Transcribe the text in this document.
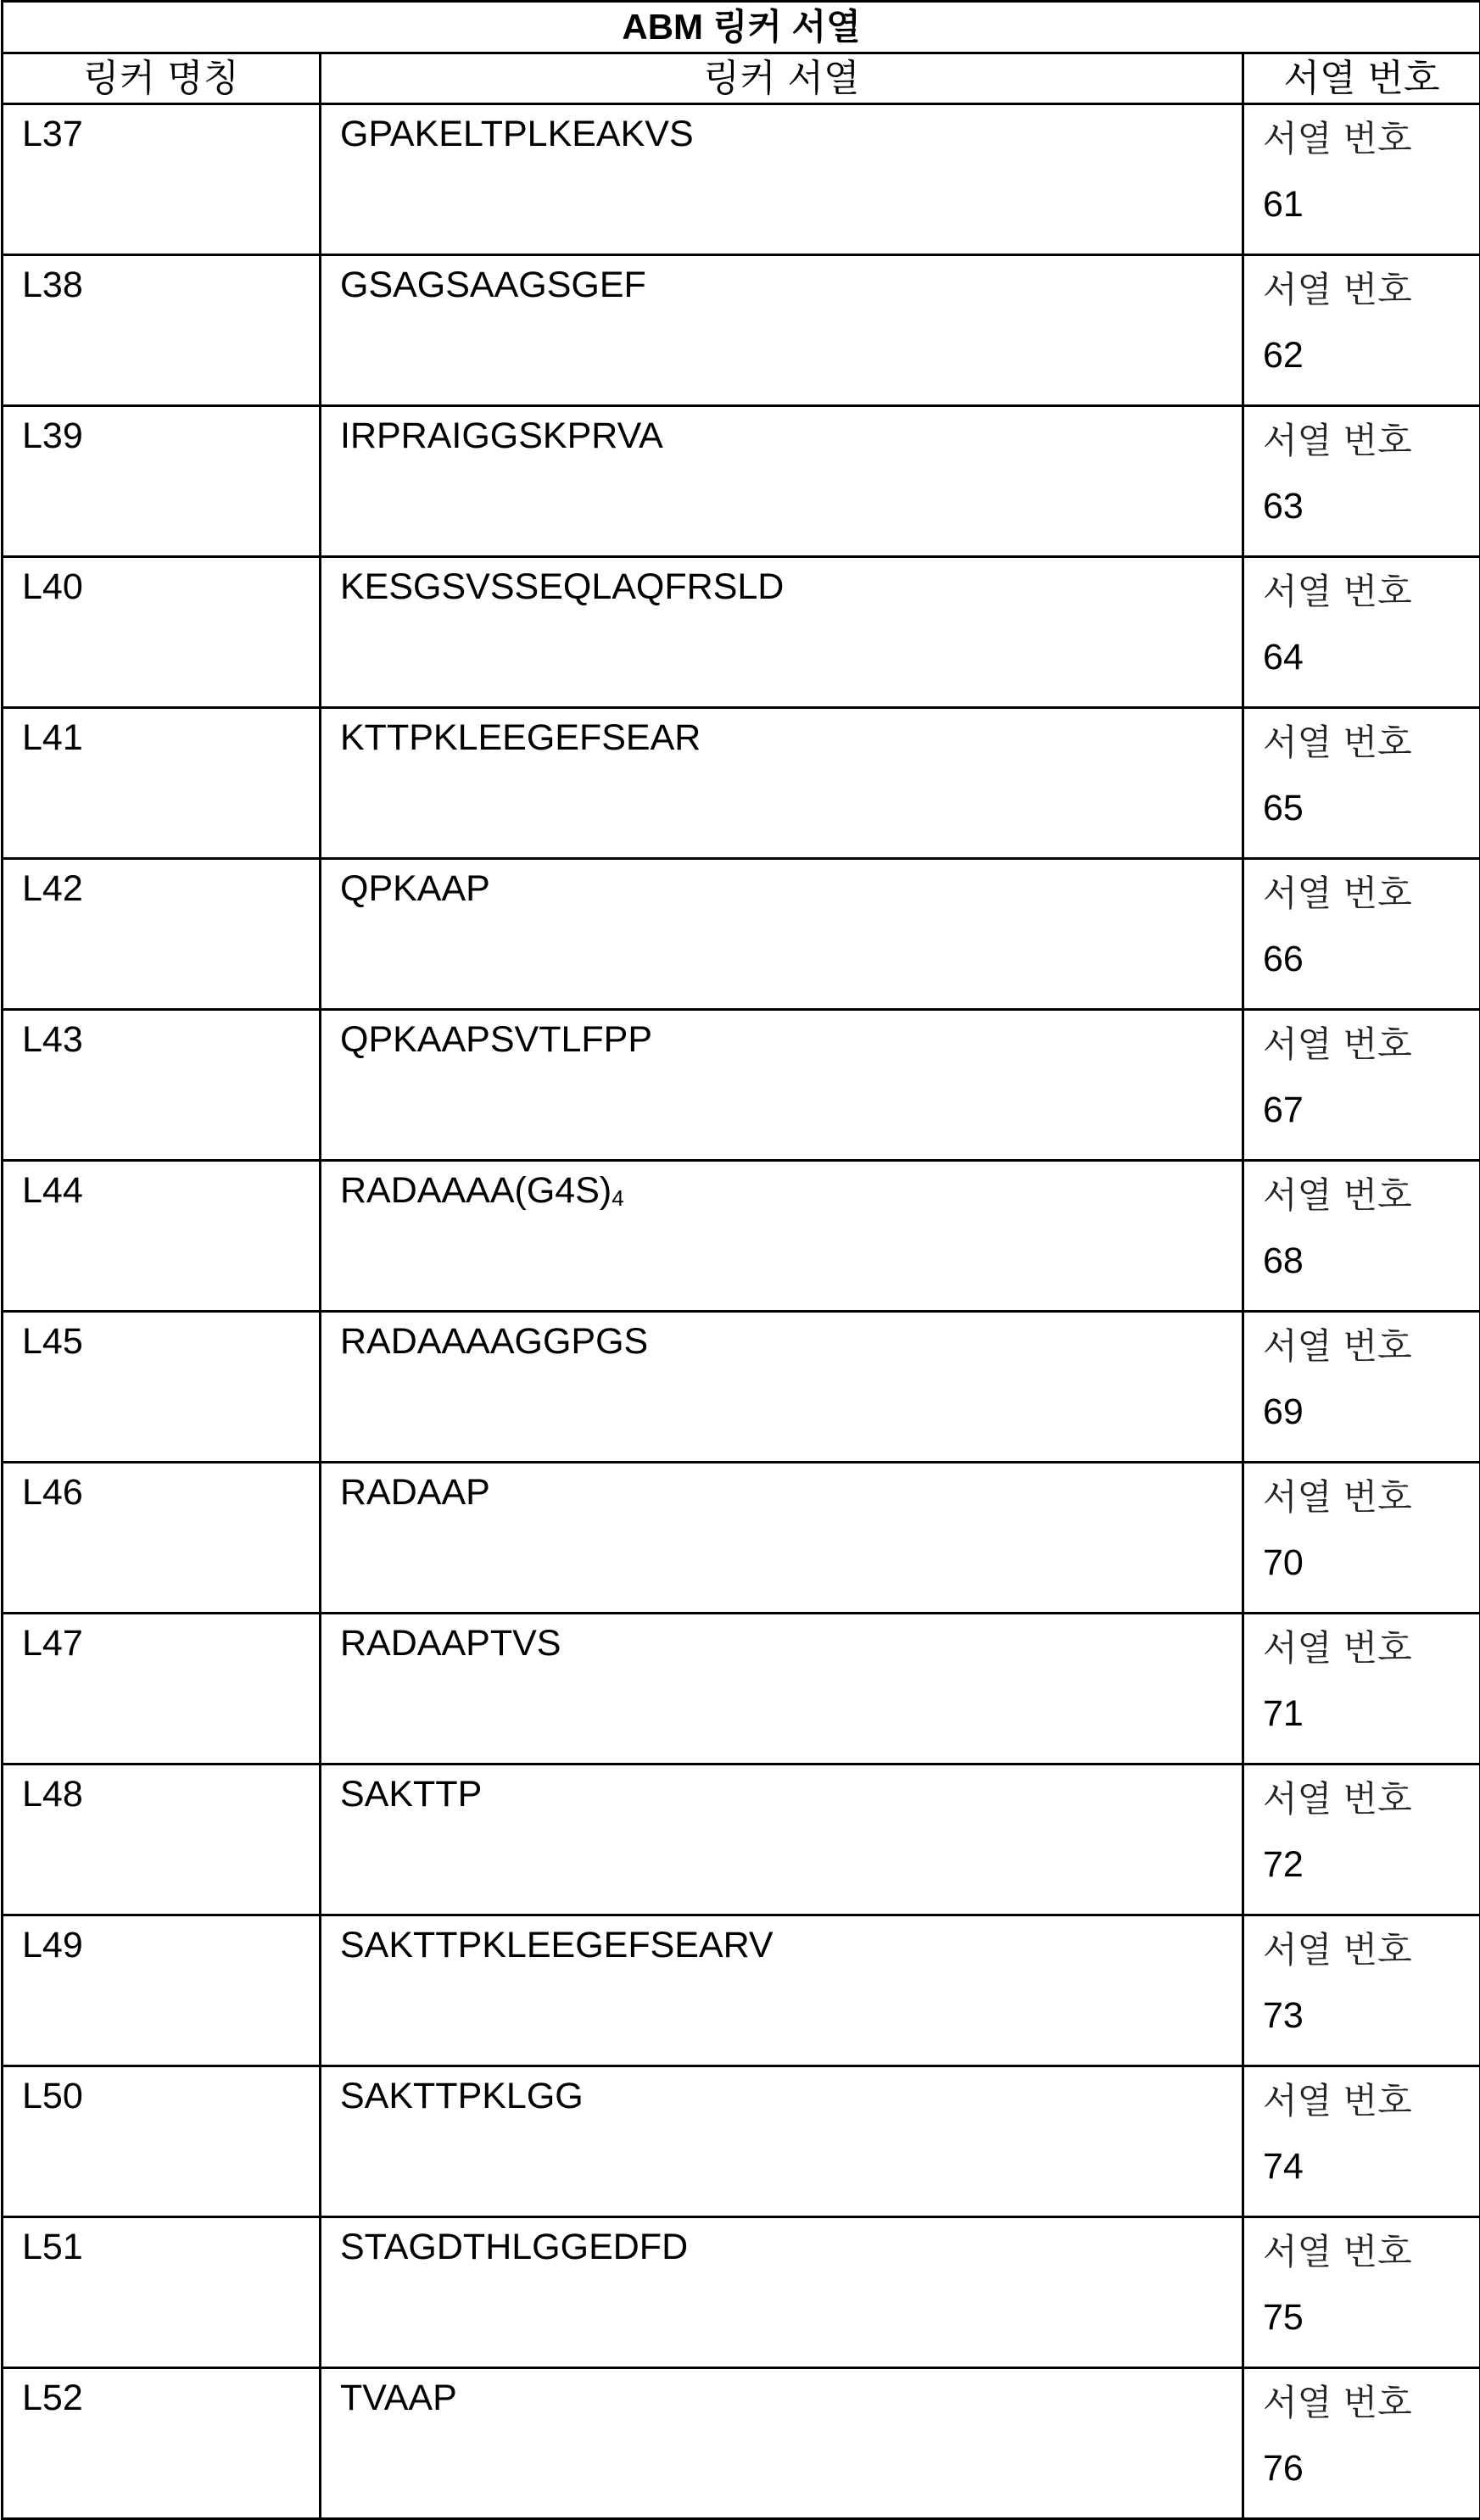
ABM 링커 서열
링커 명칭	링커 서열	서열 번호
L37	GPAKELTPLKEAKVS	서열 번호
61

L38	GSAGSAAGSGEF	서열 번호
62

L39	IRPRAIGGSKPRVA	서열 번호
63

L40	KESGSVSSEQLAQFRSLD	서열 번호
64

L41	KTTPKLEEGEFSEAR	서열 번호
65

L42	QPKAAP	서열 번호
66

L43	QPKAAPSVTLFPP	서열 번호
67

L44	RADAAAA(G4S)4	서열 번호
68

L45	RADAAAAGGPGS	서열 번호
69

L46	RADAAP	서열 번호
70

L47	RADAAPTVS	서열 번호
71

L48	SAKTTP	서열 번호
72

L49	SAKTTPKLEEGEFSEARV	서열 번호
73

L50	SAKTTPKLGG	서열 번호
74

L51	STAGDTHLGGEDFD	서열 번호
75

L52	TVAAP	서열 번호
76
